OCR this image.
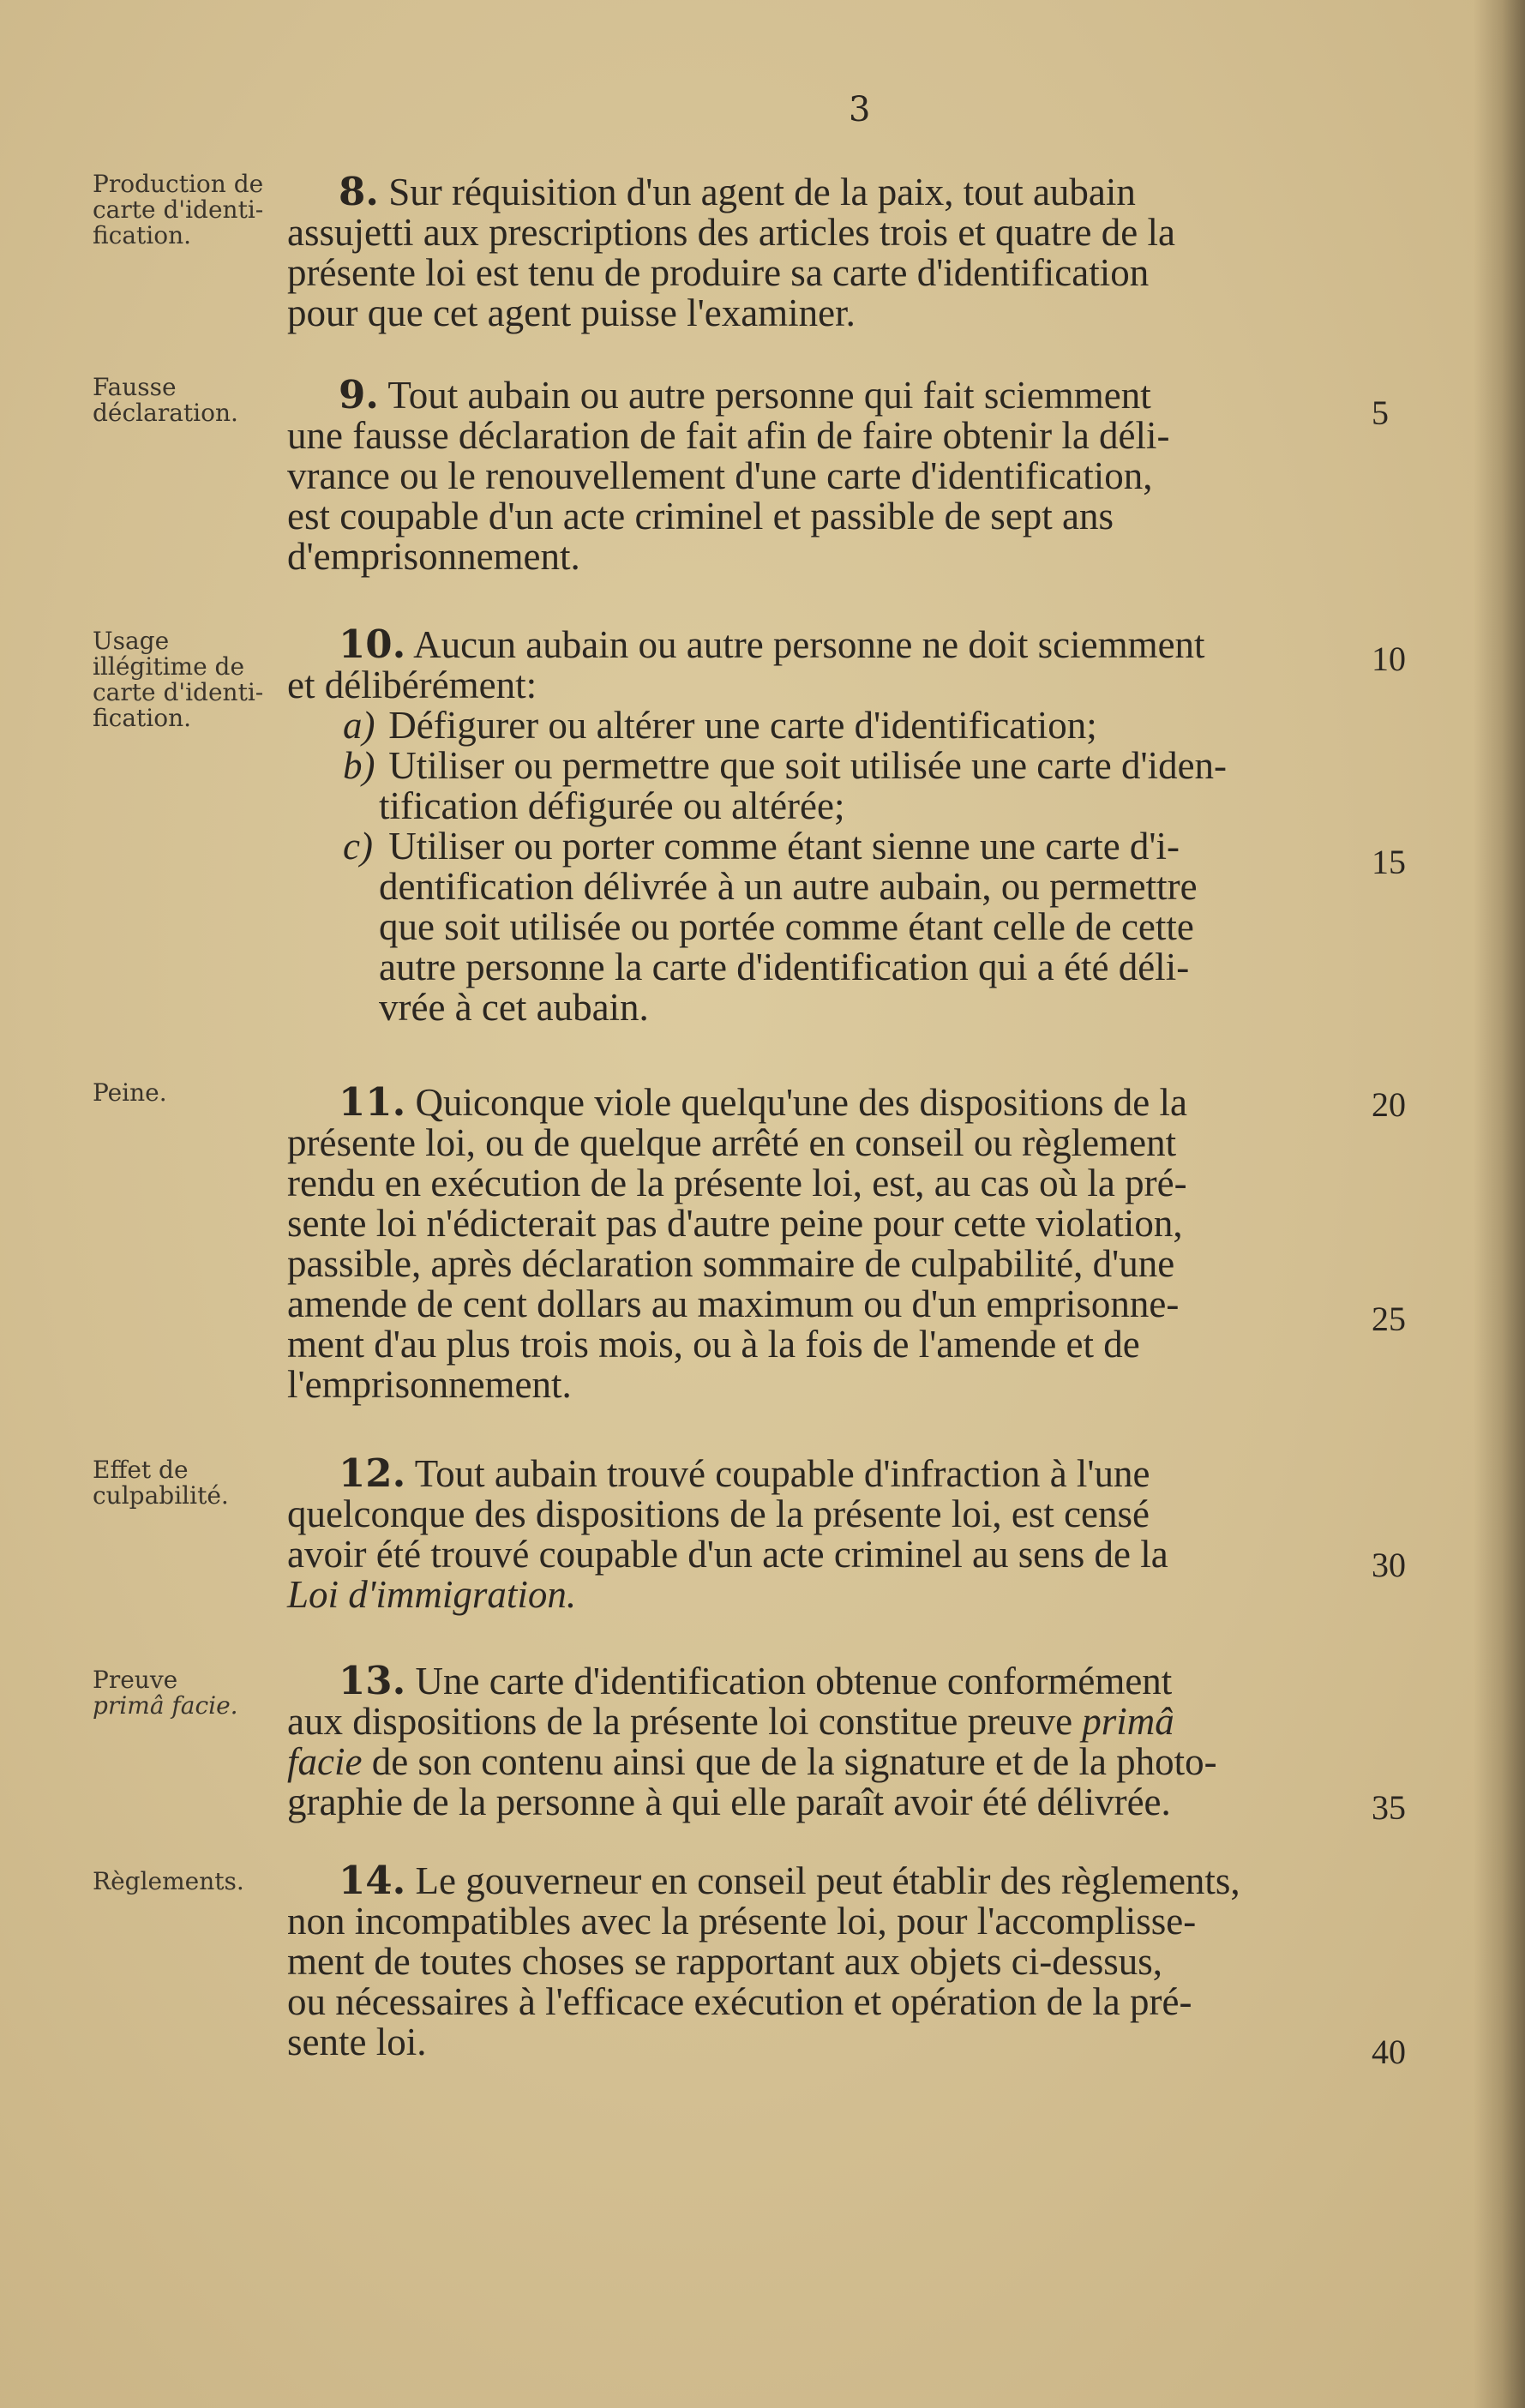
3
Production de carte d'identi- fication.
8. Sur réquisition d'un agent de la paix, tout aubain
assujetti aux prescriptions des articles trois et quatre de la
présente loi est tenu de produire sa carte d'identification
pour que cet agent puisse l'examiner.
Fausse déclaration.	9. Tout aubain ou autre personne qui fait sciemment
une fausse déclaration de fait afin de faire obtenir la déli-
vrance ou le renouvellement d'une carte d'identification,
est coupable d'un acte criminel et passible de sept ans
d'emprisonnement.
5
Usage illégitime de carte d'identi- fication.
10. Aucun aubain ou autre personne ne doit sciemment
et délibérément:
a) Défigurer ou altérer une carte d'identification;
b) Utiliser ou permettre que soit utilisée une carte d'iden-
tification défigurée ou altérée;
c) Utiliser ou porter comme étant sienne une carte d'i-
dentification délivrée à un autre aubain, ou permettre
que soit utilisée ou portée comme étant celle de cette
autre personne la carte d'identification qui a été déli-
vrée à cet aubain.
10
15
Peine.	11. Quiconque viole quelqu'une des dispositions de la
présente loi, ou de quelque arrêté en conseil ou règlement
rendu en exécution de la présente loi, est, au cas où la pré-
sente loi n'édicterait pas d'autre peine pour cette violation,
passible, après déclaration sommaire de culpabilité, d'une
amende de cent dollars au maximum ou d'un emprisonne-
ment d'au plus trois mois, ou à la fois de l'amende et de
l'emprisonnement.
20
25
Effet de culpabilité.	12. Tout aubain trouvé coupable d'infraction à l'une
quelconque des dispositions de la présente loi, est censé
avoir été trouvé coupable d'un acte criminel au sens de la
Loi d'immigration.
30
Preuve
primâ facie.
13. Une carte d'identification obtenue conformément
aux dispositions de la présente loi constitue preuve primâ
facie de son contenu ainsi que de la signature et de la photo-
graphie de la personne à qui elle paraît avoir été délivrée.	35
Règlements.	14. Le gouverneur en conseil peut établir des règlements,
non incompatibles avec la présente loi, pour l'accomplisse-
ment de toutes choses se rapportant aux objets ci-dessus,
ou nécessaires à l'efficace exécution et opération de la pré-
sente loi.	40
